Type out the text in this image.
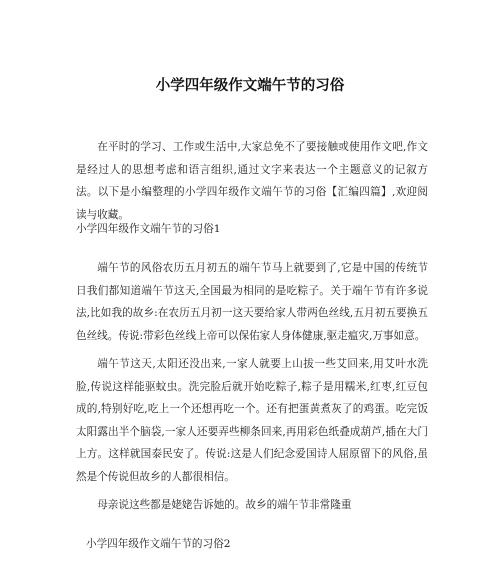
小学四年级作文端午节的习俗

在平时的学习、工作或生活中,大家总免不了要接触或使用作文吧,作文是经过人的思想考虑和语言组织,通过文字来表达一个主题意义的记叙方法。以下是小编整理的小学四年级作文端午节的习俗【汇编四篇】,欢迎阅读与收藏。

小学四年级作文端午节的习俗1

端午节的风俗农历五月初五的端午节马上就要到了,它是中国的传统节日我们都知道端午节这天,全国最为相同的是吃粽子。关于端午节有许多说法,比如我的故乡:在农历五月初一这天要给家人带两色丝线,五月初五要换五色丝线。传说:带彩色丝线上帝可以保佑家人身体健康,驱走瘟灾,万事如意。

端午节这天,太阳还没出来,一家人就要上山拔一些艾回来,用艾叶水洗脸,传说这样能驱蚊虫。洗完脸后就开始吃粽子,粽子是用糯米,红枣,红豆包成的,特别好吃,吃上一个还想再吃一个。还有把蛋黄煮灰了的鸡蛋。吃完饭太阳露出半个脑袋,一家人还要弄些柳条回来,再用彩色纸叠成葫芦,插在大门上方。这样就国泰民安了。传说:这是人们纪念爱国诗人屈原留下的风俗,虽然是个传说但故乡的人都很相信。

母亲说这些都是姥姥告诉她的。故乡的端午节非常隆重

小学四年级作文端午节的习俗2
